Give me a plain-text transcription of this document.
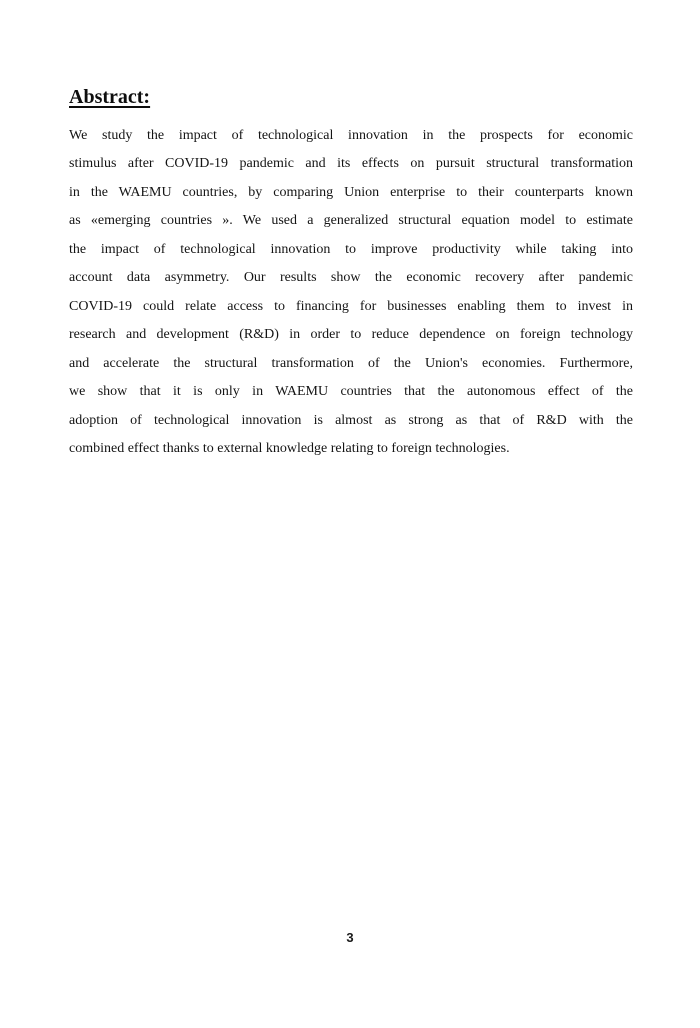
Abstract:
We study the impact of technological innovation in the prospects for economic
stimulus after COVID-19 pandemic and its effects on pursuit structural transformation
in the WAEMU countries, by comparing Union enterprise to their counterparts known
as «emerging countries ». We used a generalized structural equation model to estimate
the impact of technological innovation to improve productivity while taking into
account data asymmetry. Our results show the economic recovery after pandemic
COVID-19 could relate access to financing for businesses enabling them to invest in
research and development (R&D) in order to reduce dependence on foreign technology
and accelerate the structural transformation of the Union's economies. Furthermore,
we show that it is only in WAEMU countries that the autonomous effect of the
adoption of technological innovation is almost as strong as that of R&D with the
combined effect thanks to external knowledge relating to foreign technologies.
3
